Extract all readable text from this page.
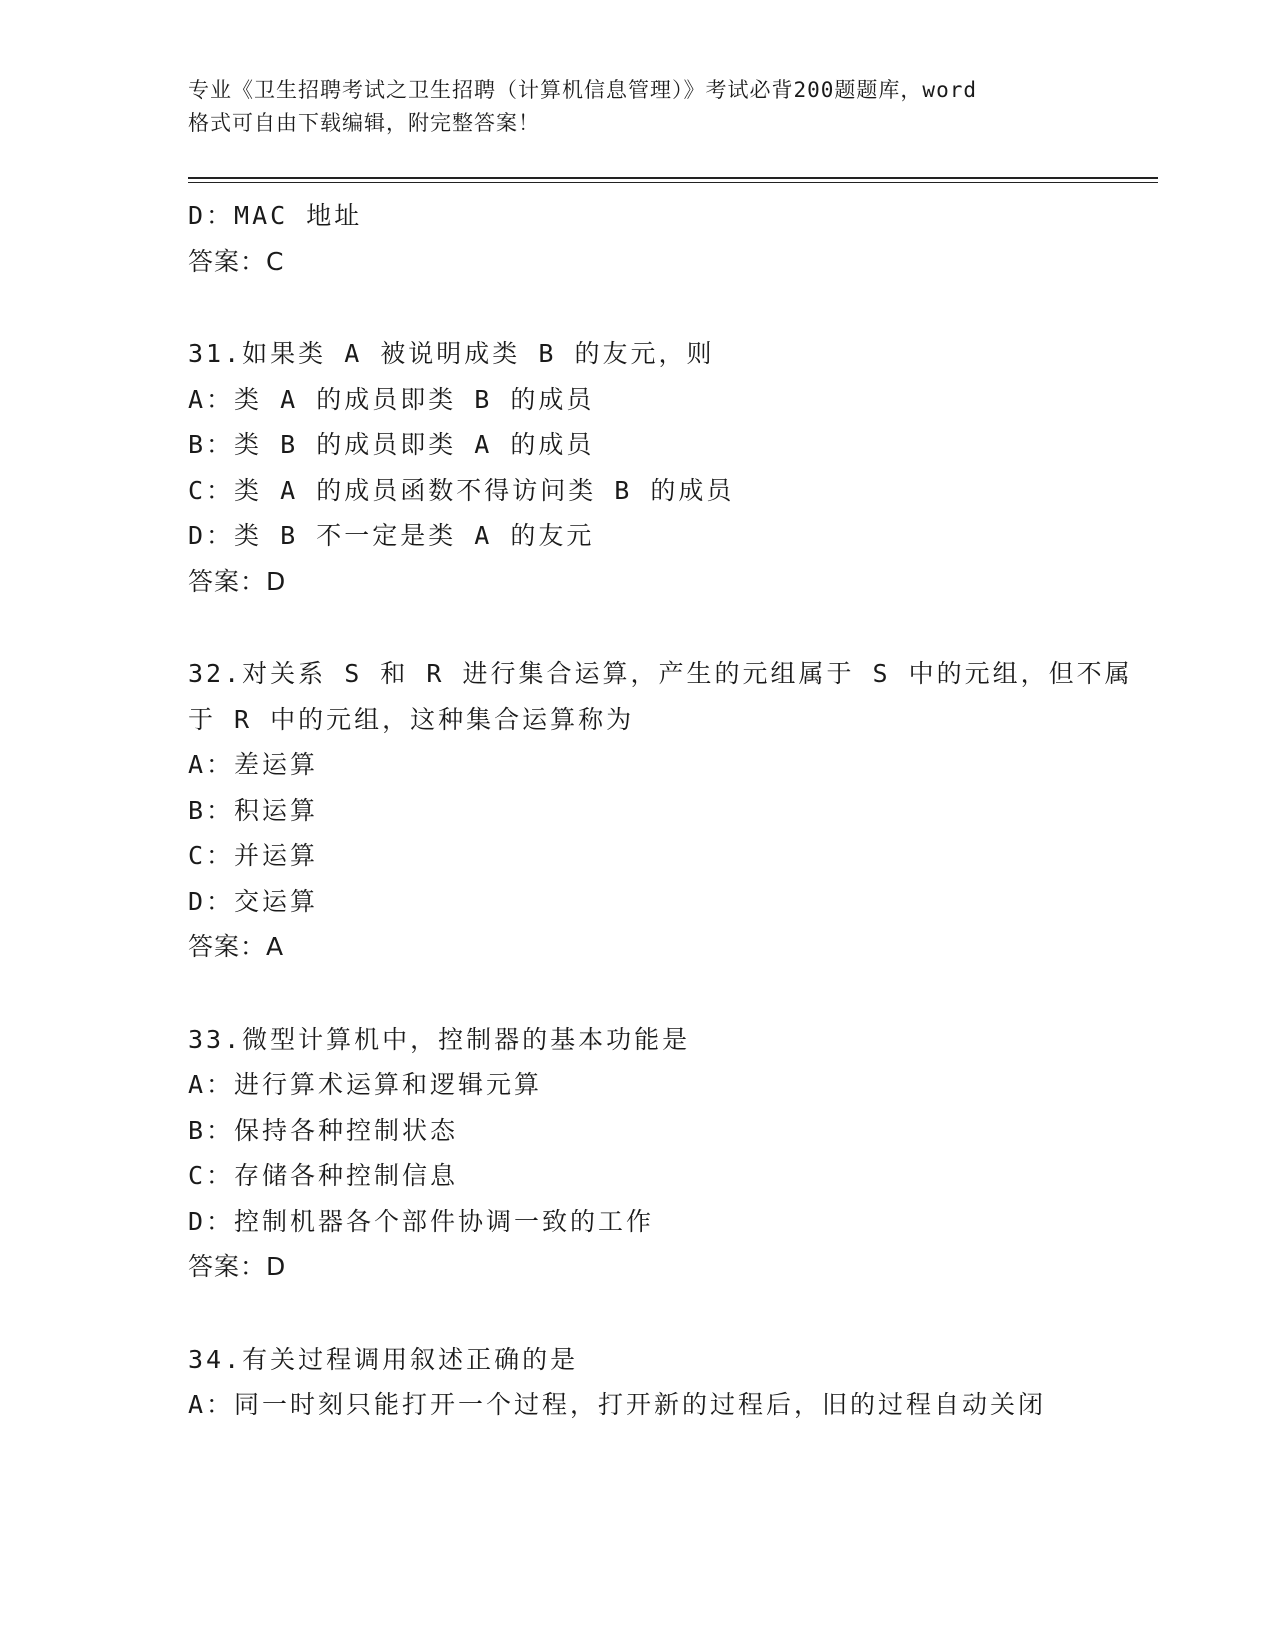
专业《卫生招聘考试之卫生招聘（计算机信息管理）》考试必背200题题库，word
格式可自由下载编辑，附完整答案！
D：MAC 地址
答案：C
31.如果类 A 被说明成类 B 的友元，则
A：类 A 的成员即类 B 的成员
B：类 B 的成员即类 A 的成员
C：类 A 的成员函数不得访问类 B 的成员
D：类 B 不一定是类 A 的友元
答案：D
32.对关系 S 和 R 进行集合运算，产生的元组属于 S 中的元组，但不属
于 R 中的元组，这种集合运算称为
A：差运算
B：积运算
C：并运算
D：交运算
答案：A
33.微型计算机中，控制器的基本功能是
A：进行算术运算和逻辑元算
B：保持各种控制状态
C：存储各种控制信息
D：控制机器各个部件协调一致的工作
答案：D
34.有关过程调用叙述正确的是
A：同一时刻只能打开一个过程，打开新的过程后，旧的过程自动关闭
